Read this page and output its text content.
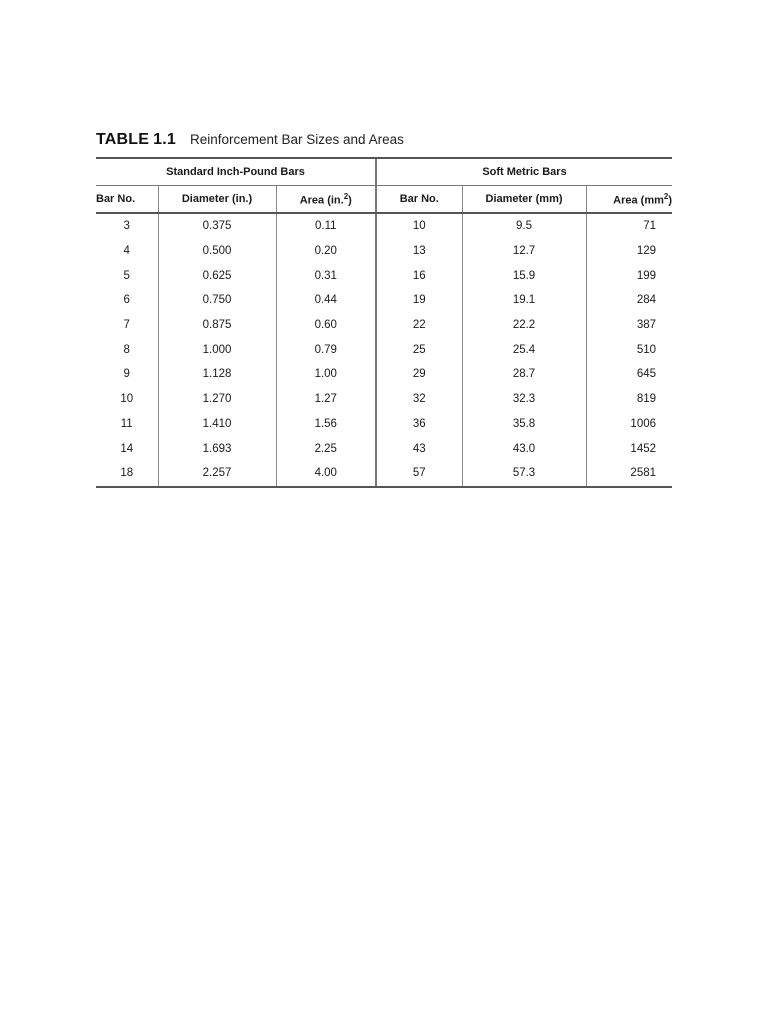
TABLE 1.1 Reinforcement Bar Sizes and Areas
Standard Inch-Pound Bars			Soft Metric Bars		
Bar No.	Diameter (in.)	Area (in.$^2$)	Bar No.	Diameter (mm)	Area $(mm^2)$
3	0.375	0.11	10	9.5	71
4	0.500	0.20	13	12.7	129
5	0.625	0.31	16	15.9	199
6	0.750	0.44	19	19.1	284
7	0.875	0.60	22	22.2	387
8	1.000	0.79	25	25.4	510
9	1.128	1.00	29	28.7	645
10	1.270	1.27	32	32.3	819
11	1.410	1.56	36	35.8	1006
14	1.693	2.25	43	43.0	1452
18	2.257	4.00	57	57.3	2581
